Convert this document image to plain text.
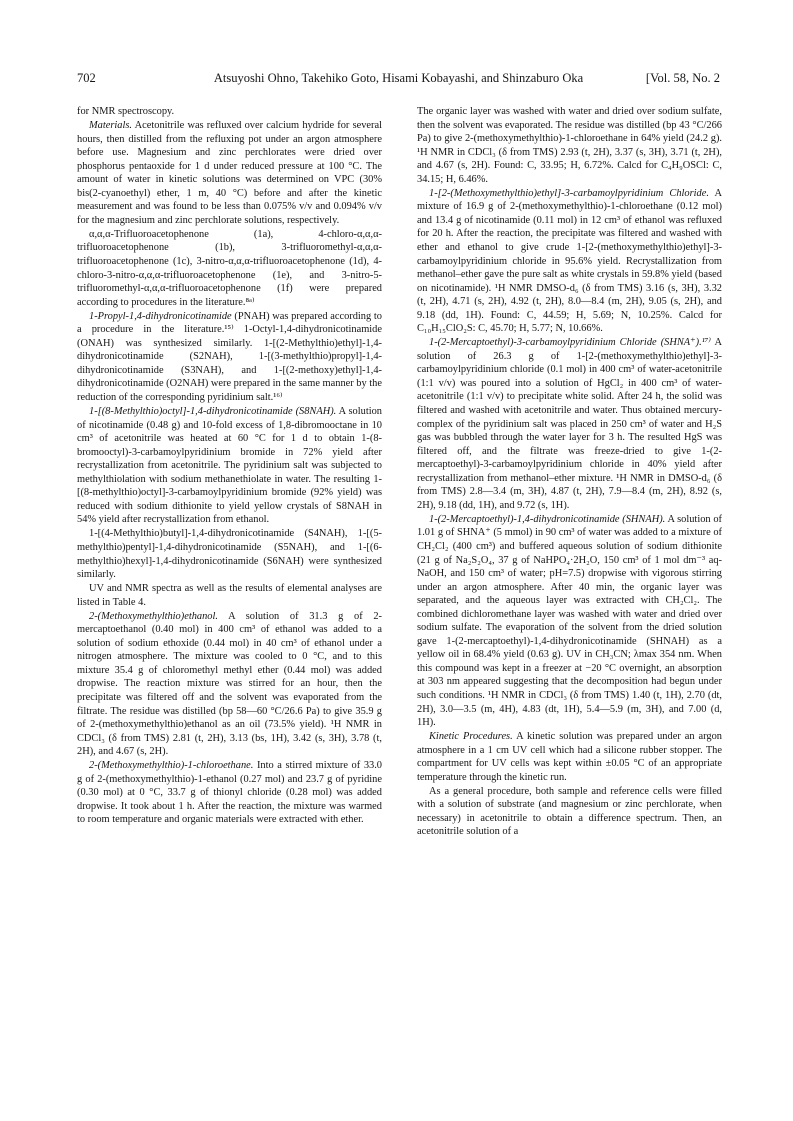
702	Atsuyoshi Ohno, Takehiko Goto, Hisami Kobayashi, and Shinzaburo Oka	[Vol. 58, No. 2

for NMR spectroscopy.

Materials. Acetonitrile was refluxed over calcium hydride for several hours, then distilled from the refluxing pot under an argon atmosphere before use. Magnesium and zinc perchlorates were dried over phosphorus pentaoxide for 1 d under reduced pressure at 100 °C. The amount of water in kinetic solutions was determined on VPC (30% bis(2-cyanoethyl) ether, 1 m, 40 °C) before and after the kinetic measurement and was found to be less than 0.075% v/v and 0.094% v/v for the magnesium and zinc perchlorate solutions, respectively.

α,α,α-Trifluoroacetophenone (1a), 4-chloro-α,α,α-trifluoroacetophenone (1b), 3-trifluoromethyl-α,α,α-trifluoroacetophenone (1c), 3-nitro-α,α,α-trifluoroacetophenone (1d), 4-chloro-3-nitro-α,α,α-trifluoroacetophenone (1e), and 3-nitro-5-trifluoromethyl-α,α,α-trifluoroacetophenone (1f) were prepared according to procedures in the literature.⁸ᵃ⁾

1-Propyl-1,4-dihydronicotinamide (PNAH) was prepared according to a procedure in the literature.¹⁵⁾ 1-Octyl-1,4-dihydronicotinamide (ONAH) was synthesized similarly. 1-[(2-Methylthio)ethyl]-1,4-dihydronicotinamide (S2NAH), 1-[(3-methylthio)propyl]-1,4-dihydronicotinamide (S3NAH), and 1-[(2-methoxy)ethyl]-1,4-dihydronicotinamide (O2NAH) were prepared in the same manner by the reduction of the corresponding pyridinium salt.¹⁶⁾

1-[(8-Methylthio)octyl]-1,4-dihydronicotinamide (S8NAH). A solution of nicotinamide (0.48 g) and 10-fold excess of 1,8-dibromooctane in 10 cm³ of acetonitrile was heated at 60 °C for 1 d to obtain 1-(8-bromooctyl)-3-carbamoylpyridinium bromide in 72% yield after recrystallization from acetonitrile. The pyridinium salt was subjected to methylthiolation with sodium methanethiolate in water. The resulting 1-[(8-methylthio)octyl]-3-carbamoylpyridinium bromide (92% yield) was reduced with sodium dithionite to yield yellow crystals of S8NAH in 54% yield after recrystallization from ethanol.

1-[(4-Methylthio)butyl]-1,4-dihydronicotinamide (S4NAH), 1-[(5-methylthio)pentyl]-1,4-dihydronicotinamide (S5NAH), and 1-[(6-methylthio)hexyl]-1,4-dihydronicotinamide (S6NAH) were synthesized similarly.

UV and NMR spectra as well as the results of elemental analyses are listed in Table 4.

2-(Methoxymethylthio)ethanol. A solution of 31.3 g of 2-mercaptoethanol (0.40 mol) in 400 cm³ of ethanol was added to a solution of sodium ethoxide (0.44 mol) in 40 cm³ of ethanol under a nitrogen atmosphere. The mixture was cooled to 0 °C, and to this mixture 35.4 g of chloromethyl methyl ether (0.44 mol) was added dropwise. The reaction mixture was stirred for an hour, then the precipitate was filtered off and the solvent was evaporated from the filtrate. The residue was distilled (bp 58—60 °C/26.6 Pa) to give 35.9 g of 2-(methoxymethylthio)ethanol as an oil (73.5% yield). ¹H NMR in CDCl₃ (δ from TMS) 2.81 (t, 2H), 3.13 (bs, 1H), 3.42 (s, 3H), 3.78 (t, 2H), and 4.67 (s, 2H).

2-(Methoxymethylthio)-1-chloroethane. Into a stirred mixture of 33.0 g of 2-(methoxymethylthio)-1-ethanol (0.27 mol) and 23.7 g of pyridine (0.30 mol) at 0 °C, 33.7 g of thionyl chloride (0.28 mol) was added dropwise. It took about 1 h. After the reaction, the mixture was warmed to room temperature and organic materials were extracted with ether.

The organic layer was washed with water and dried over sodium sulfate, then the solvent was evaporated. The residue was distilled (bp 43 °C/266 Pa) to give 2-(methoxymethylthio)-1-chloroethane in 64% yield (24.2 g). ¹H NMR in CDCl₃ (δ from TMS) 2.93 (t, 2H), 3.37 (s, 3H), 3.71 (t, 2H), and 4.67 (s, 2H). Found: C, 33.95; H, 6.72%. Calcd for C₄H₉OSCl: C, 34.15; H, 6.46%.

1-[2-(Methoxymethylthio)ethyl]-3-carbamoylpyridinium Chloride. A mixture of 16.9 g of 2-(methoxymethylthio)-1-chloroethane (0.12 mol) and 13.4 g of nicotinamide (0.11 mol) in 12 cm³ of ethanol was refluxed for 20 h. After the reaction, the precipitate was filtered and washed with ether and ethanol to give crude 1-[2-(methoxymethylthio)ethyl]-3-carbamoylpyridinium chloride in 95.6% yield. Recrystallization from methanol–ether gave the pure salt as white crystals in 59.8% yield (based on nicotinamide). ¹H NMR DMSO-d₆ (δ from TMS) 3.16 (s, 3H), 3.32 (t, 2H), 4.71 (s, 2H), 4.92 (t, 2H), 8.0—8.4 (m, 2H), 9.05 (s, 2H), and 9.18 (dd, 1H). Found: C, 44.59; H, 5.69; N, 10.25%. Calcd for C₁₀H₁₅ClO₂S: C, 45.70; H, 5.77; N, 10.66%.

1-(2-Mercaptoethyl)-3-carbamoylpyridinium Chloride (SHNA⁺).¹⁷⁾ A solution of 26.3 g of 1-[2-(methoxymethylthio)ethyl]-3-carbamoylpyridinium chloride (0.1 mol) in 400 cm³ of water-acetonitrile (1:1 v/v) was poured into a solution of HgCl₂ in 400 cm³ of water-acetonitrile (1:1 v/v) to precipitate white solid. After 24 h, the solid was filtered and washed with acetonitrile and water. Thus obtained mercury-complex of the pyridinium salt was placed in 250 cm³ of water and H₂S gas was bubbled through the water layer for 3 h. The resulted HgS was filtered off, and the filtrate was freeze-dried to give 1-(2-mercaptoethyl)-3-carbamoylpyridinium chloride in 40% yield after recrystallization from methanol–ether mixture. ¹H NMR in DMSO-d₆ (δ from TMS) 2.8—3.4 (m, 3H), 4.87 (t, 2H), 7.9—8.4 (m, 2H), 8.92 (s, 2H), 9.18 (dd, 1H), and 9.72 (s, 1H).

1-(2-Mercaptoethyl)-1,4-dihydronicotinamide (SHNAH). A solution of 1.01 g of SHNA⁺ (5 mmol) in 90 cm³ of water was added to a mixture of CH₂Cl₂ (400 cm³) and buffered aqueous solution of sodium dithionite (21 g of Na₂S₂O₄, 37 g of NaHPO₄·2H₂O, 150 cm³ of 1 mol dm⁻³ aq-NaOH, and 150 cm³ of water; pH=7.5) dropwise with vigorous stirring under an argon atmosphere. After 40 min, the organic layer was separated, and the aqueous layer was extracted with CH₂Cl₂. The combined dichloromethane layer was washed with water and dried over sodium sulfate. The evaporation of the solvent from the dried solution gave 1-(2-mercaptoethyl)-1,4-dihydronicotinamide (SHNAH) as a yellow oil in 68.4% yield (0.63 g). UV in CH₃CN; λmax 354 nm. When this compound was kept in a freezer at −20 °C overnight, an absorption at 303 nm appeared suggesting that the decomposition had begun under such conditions. ¹H NMR in CDCl₃ (δ from TMS) 1.40 (t, 1H), 2.70 (dt, 2H), 3.0—3.5 (m, 4H), 4.83 (dt, 1H), 5.4—5.9 (m, 3H), and 7.00 (d, 1H).

Kinetic Procedures. A kinetic solution was prepared under an argon atmosphere in a 1 cm UV cell which had a silicone rubber stopper. The compartment for UV cells was kept within ±0.05 °C of an appropriate temperature through the kinetic run.

As a general procedure, both sample and reference cells were filled with a solution of substrate (and magnesium or zinc perchlorate, when necessary) in acetonitrile to obtain a difference spectrum. Then, an acetonitrile solution of a
